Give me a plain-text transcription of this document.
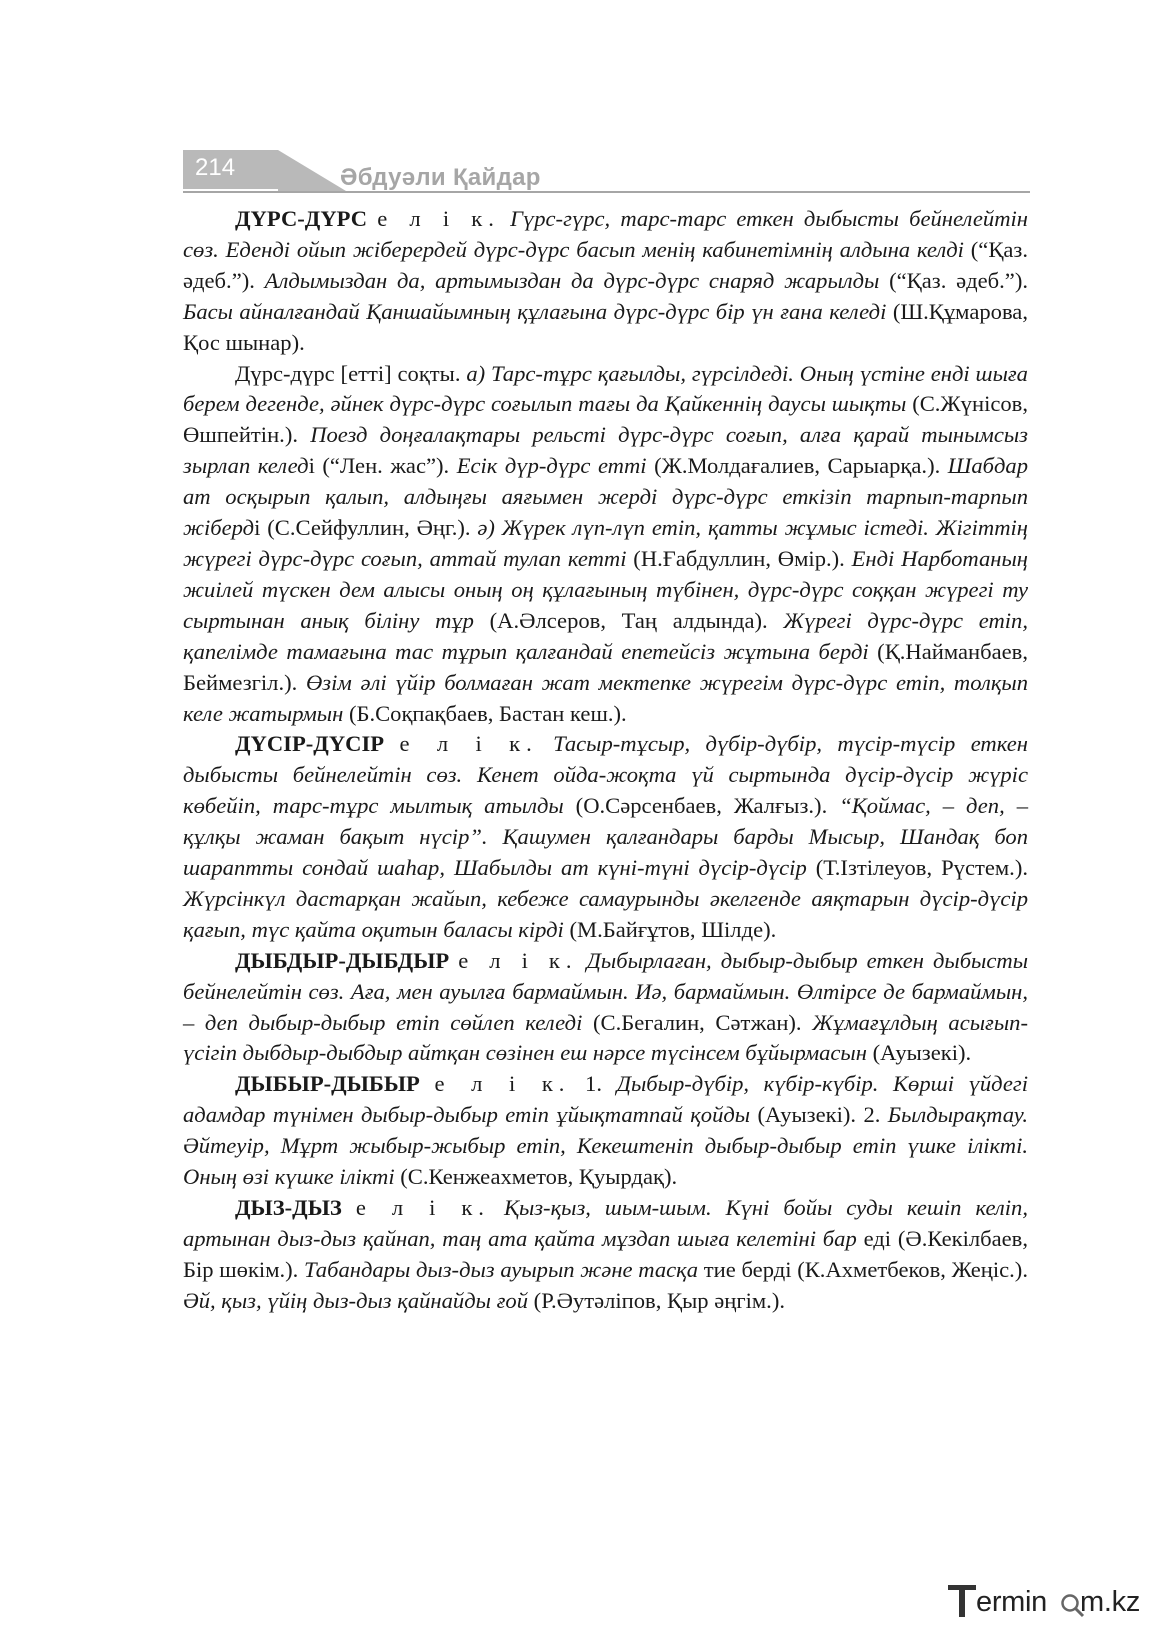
214	Әбдуәли Қайдар

ДҮРС-ДҮРС е л і к. Гүрс-гүрс, тарс-тарс еткен дыбысты бейнелейтін сөз. Еденді ойып жіберердей дүрс-дүрс басып менің кабинетімнің алдына келді (“Қаз. әдеб.”). Алдымыздан да, артымыздан да дүрс-дүрс снаряд жарылды (“Қаз. әдеб.”). Басы айналғандай Қаншайымның құлағына дүрс-дүрс бір үн ғана келеді (Ш.Құмарова, Қос шынар).

Дүрс-дүрс [етті] соқты. а) Тарс-тұрс қағылды, гүрсілдеді. Оның үстіне енді шыға берем дегенде, әйнек дүрс-дүрс соғылып тағы да Қайкеннің даусы шықты (С.Жүнісов, Өшпейтін.). Поезд доңғалақтары рельсті дүрс-дүрс соғып, алға қарай тынымсыз зырлап келеді (“Лен. жас”). Есік дүр-дүрс етті (Ж.Молдағалиев, Сарыарқа.). Шабдар ат осқырып қалып, алдыңғы аяғымен жерді дүрс-дүрс еткізіп тарпып-тарпып жіберді (С.Сейфуллин, Әңг.). ә) Жүрек лүп-лүп етіп, қатты жұмыс істеді. Жігіттің жүрегі дүрс-дүрс соғып, аттай тулап кетті (Н.Ғабдуллин, Өмір.). Енді Нарботаның жиілей түскен дем алысы оның оң құлағының түбінен, дүрс-дүрс соққан жүрегі ту сыртынан анық біліну тұр (А.Әлсеров, Таң алдында). Жүрегі дүрс-дүрс етіп, қапелімде тамағына тас тұрып қалғандай епетейсіз жұтына берді (Қ.Найманбаев, Беймезгіл.). Өзім әлі үйір болмаған жат мектепке жүрегім дүрс-дүрс етіп, толқып келе жатырмын (Б.Соқпақбаев, Бастан кеш.).

ДҮСІР-ДҮСІР е л і к. Тасыр-тұсыр, дүбір-дүбір, түсір-түсір еткен дыбысты бейнелейтін сөз. Кенет ойда-жоқта үй сыртында дүсір-дүсір жүріс көбейіп, тарс-тұрс мылтық атылды (О.Сәрсенбаев, Жалғыз.). “Қоймас, – деп, – құлқы жаман бақыт нүсір”. Қашумен қалғандары барды Мысыр, Шандақ боп шараптты сондай шаһар, Шабылды ат күні-түні дүсір-дүсір (Т.Ізтілеуов, Рүстем.). Жүрсінкүл дастарқан жайып, кебеже самаурынды әкелгенде аяқтарын дүсір-дүсір қағып, түс қайта оқитын баласы кірді (М.Байғұтов, Шілде).

ДЫБДЫР-ДЫБДЫР е л і к. Дыбырлаған, дыбыр-дыбыр еткен дыбысты бейнелейтін сөз. Аға, мен ауылға бармаймын. Иә, бармаймын. Өлтірсе де бармаймын, – деп дыбыр-дыбыр етіп сөйлеп келеді (С.Бегалин, Сәтжан). Жұмағұлдың асығып-үсігіп дыбдыр-дыбдыр айтқан сөзінен еш нәрсе түсінсем бұйырмасын (Ауызекі).

ДЫБЫР-ДЫБЫР е л і к. 1. Дыбыр-дүбір, күбір-күбір. Көрші үйдегі адамдар түнімен дыбыр-дыбыр етіп ұйықтатпай қойды (Ауызекі). 2. Былдырақтау. Әйтеуір, Мұрт жыбыр-жыбыр етіп, Кекештеніп дыбыр-дыбыр етіп үшке ілікті. Оның өзі күшке ілікті (С.Кенжеахметов, Қуырдақ).

ДЫЗ-ДЫЗ е л і к. Қыз-қыз, шым-шым. Күні бойы суды кешіп келіп, артынан дыз-дыз қайнап, таң ата қайта мұздап шыға келетіні бар еді (Ә.Кекілбаев, Бір шөкім.). Табандары дыз-дыз ауырып және тасқа тие берді (К.Ахметбеков, Жеңіс.). Әй, қыз, үйің дыз-дыз қайнайды ғой (Р.Әутәліпов, Қыр әңгім.).

ermin m.kz
